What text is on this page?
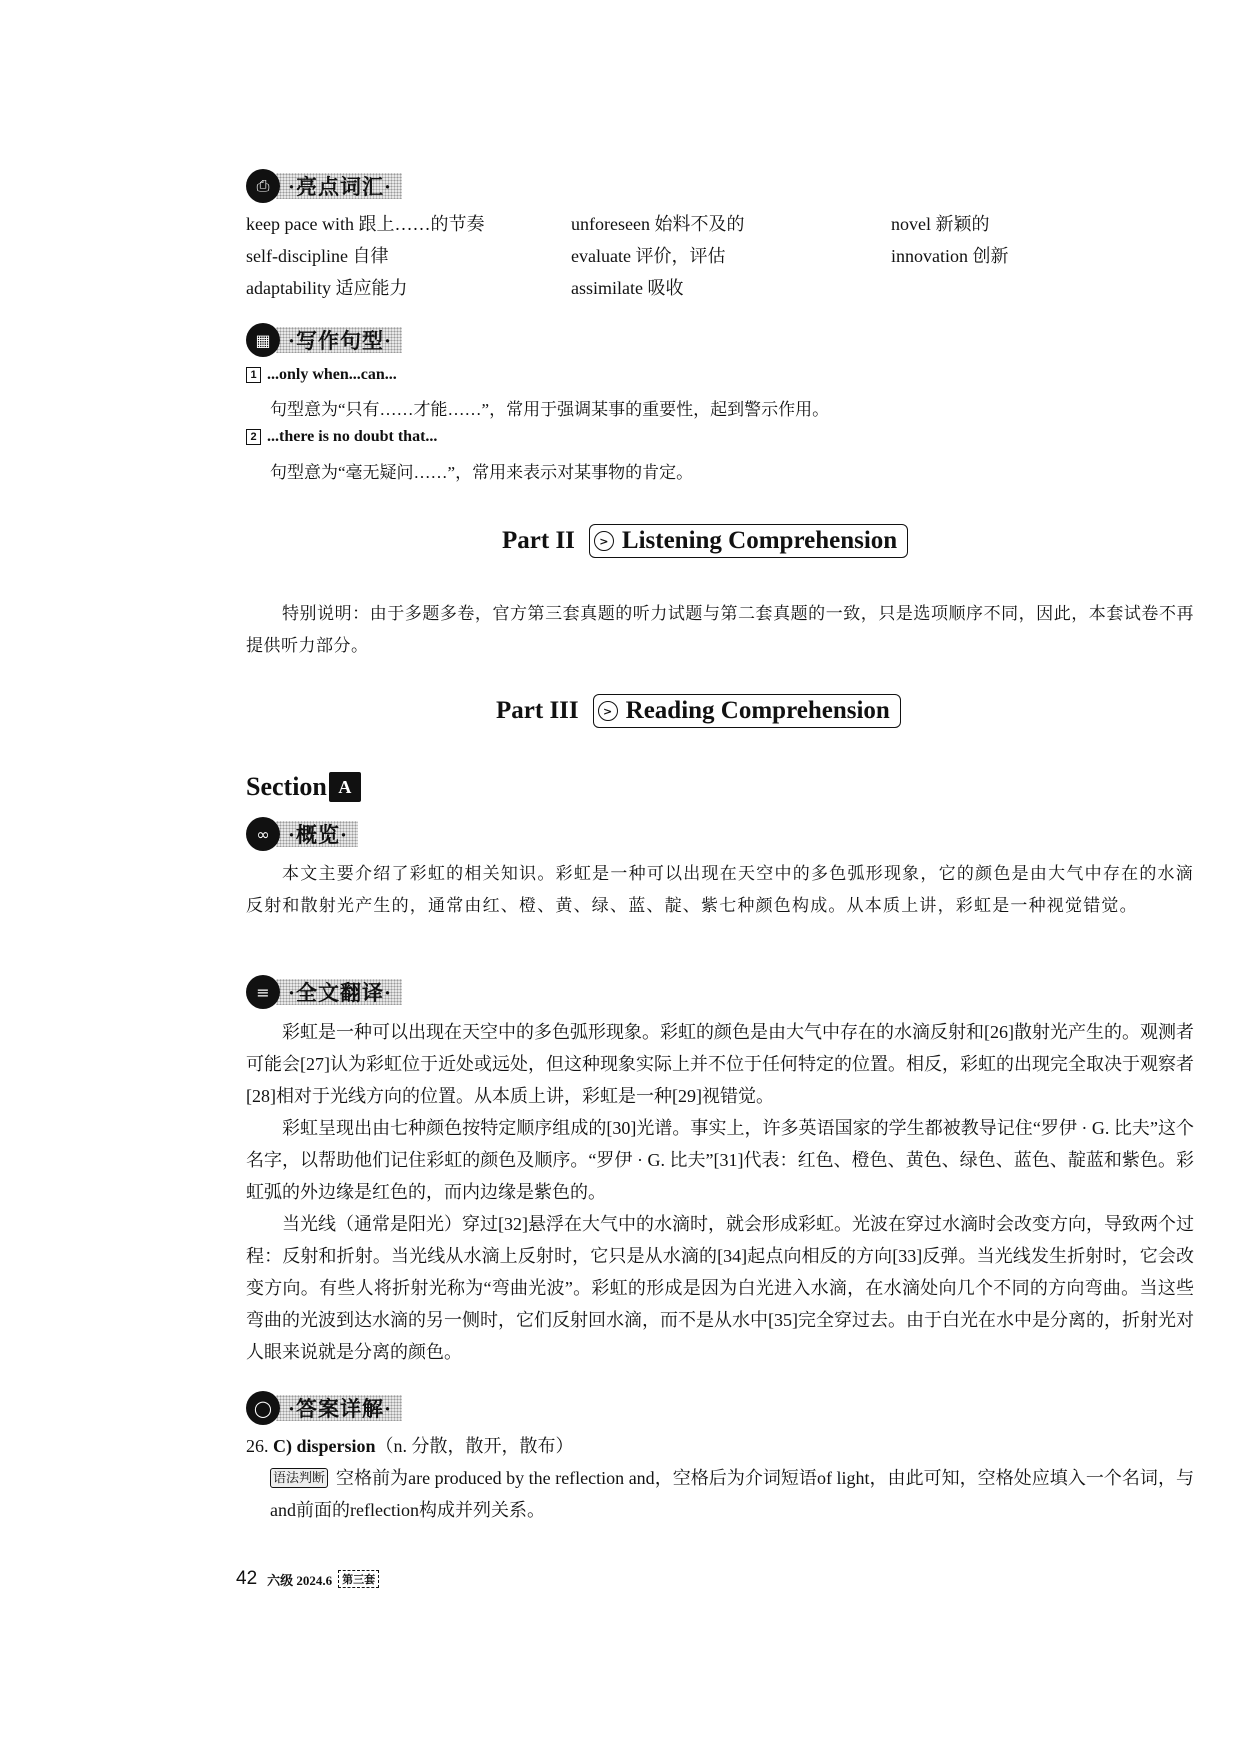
⎙ ·亮点词汇·
keep pace with 跟上……的节奏
self-discipline 自律
adaptability 适应能力
unforeseen 始料不及的
evaluate 评价，评估
assimilate 吸收
novel 新颖的
innovation 创新
▦ ·写作句型·
1 ...only when...can...
句型意为“只有……才能……”，常用于强调某事的重要性，起到警示作用。
2 ...there is no doubt that...
句型意为“毫无疑问……”，常用来表示对某事物的肯定。
Part II	> Listening Comprehension
特别说明：由于多题多卷，官方第三套真题的听力试题与第二套真题的一致，只是选项顺序不同，因此，本套试卷不再提供听力部分。
Part III	> Reading Comprehension
Section A
∞ ·概览·
本文主要介绍了彩虹的相关知识。彩虹是一种可以出现在天空中的多色弧形现象，它的颜色是由大气中存在的水滴反射和散射光产生的，通常由红、橙、黄、绿、蓝、靛、紫七种颜色构成。从本质上讲，彩虹是一种视觉错觉。
≡ ·全文翻译·
彩虹是一种可以出现在天空中的多色弧形现象。彩虹的颜色是由大气中存在的水滴反射和[26]散射光产生的。观测者可能会[27]认为彩虹位于近处或远处，但这种现象实际上并不位于任何特定的位置。相反，彩虹的出现完全取决于观察者[28]相对于光线方向的位置。从本质上讲，彩虹是一种[29]视错觉。
彩虹呈现出由七种颜色按特定顺序组成的[30]光谱。事实上，许多英语国家的学生都被教导记住“罗伊 · G. 比夫”这个名字，以帮助他们记住彩虹的颜色及顺序。“罗伊 · G. 比夫”[31]代表：红色、橙色、黄色、绿色、蓝色、靛蓝和紫色。彩虹弧的外边缘是红色的，而内边缘是紫色的。
当光线（通常是阳光）穿过[32]悬浮在大气中的水滴时，就会形成彩虹。光波在穿过水滴时会改变方向，导致两个过程：反射和折射。当光线从水滴上反射时，它只是从水滴的[34]起点向相反的方向[33]反弹。当光线发生折射时，它会改变方向。有些人将折射光称为“弯曲光波”。彩虹的形成是因为白光进入水滴，在水滴处向几个不同的方向弯曲。当这些弯曲的光波到达水滴的另一侧时，它们反射回水滴，而不是从水中[35]完全穿过去。由于白光在水中是分离的，折射光对人眼来说就是分离的颜色。
◯ ·答案详解·
26. C) dispersion（n. 分散，散开，散布）
语法判断 空格前为are produced by the reflection and，空格后为介词短语of light，由此可知，空格处应填入一个名词，与and前面的reflection构成并列关系。
42 六级 2024.6 第三套
